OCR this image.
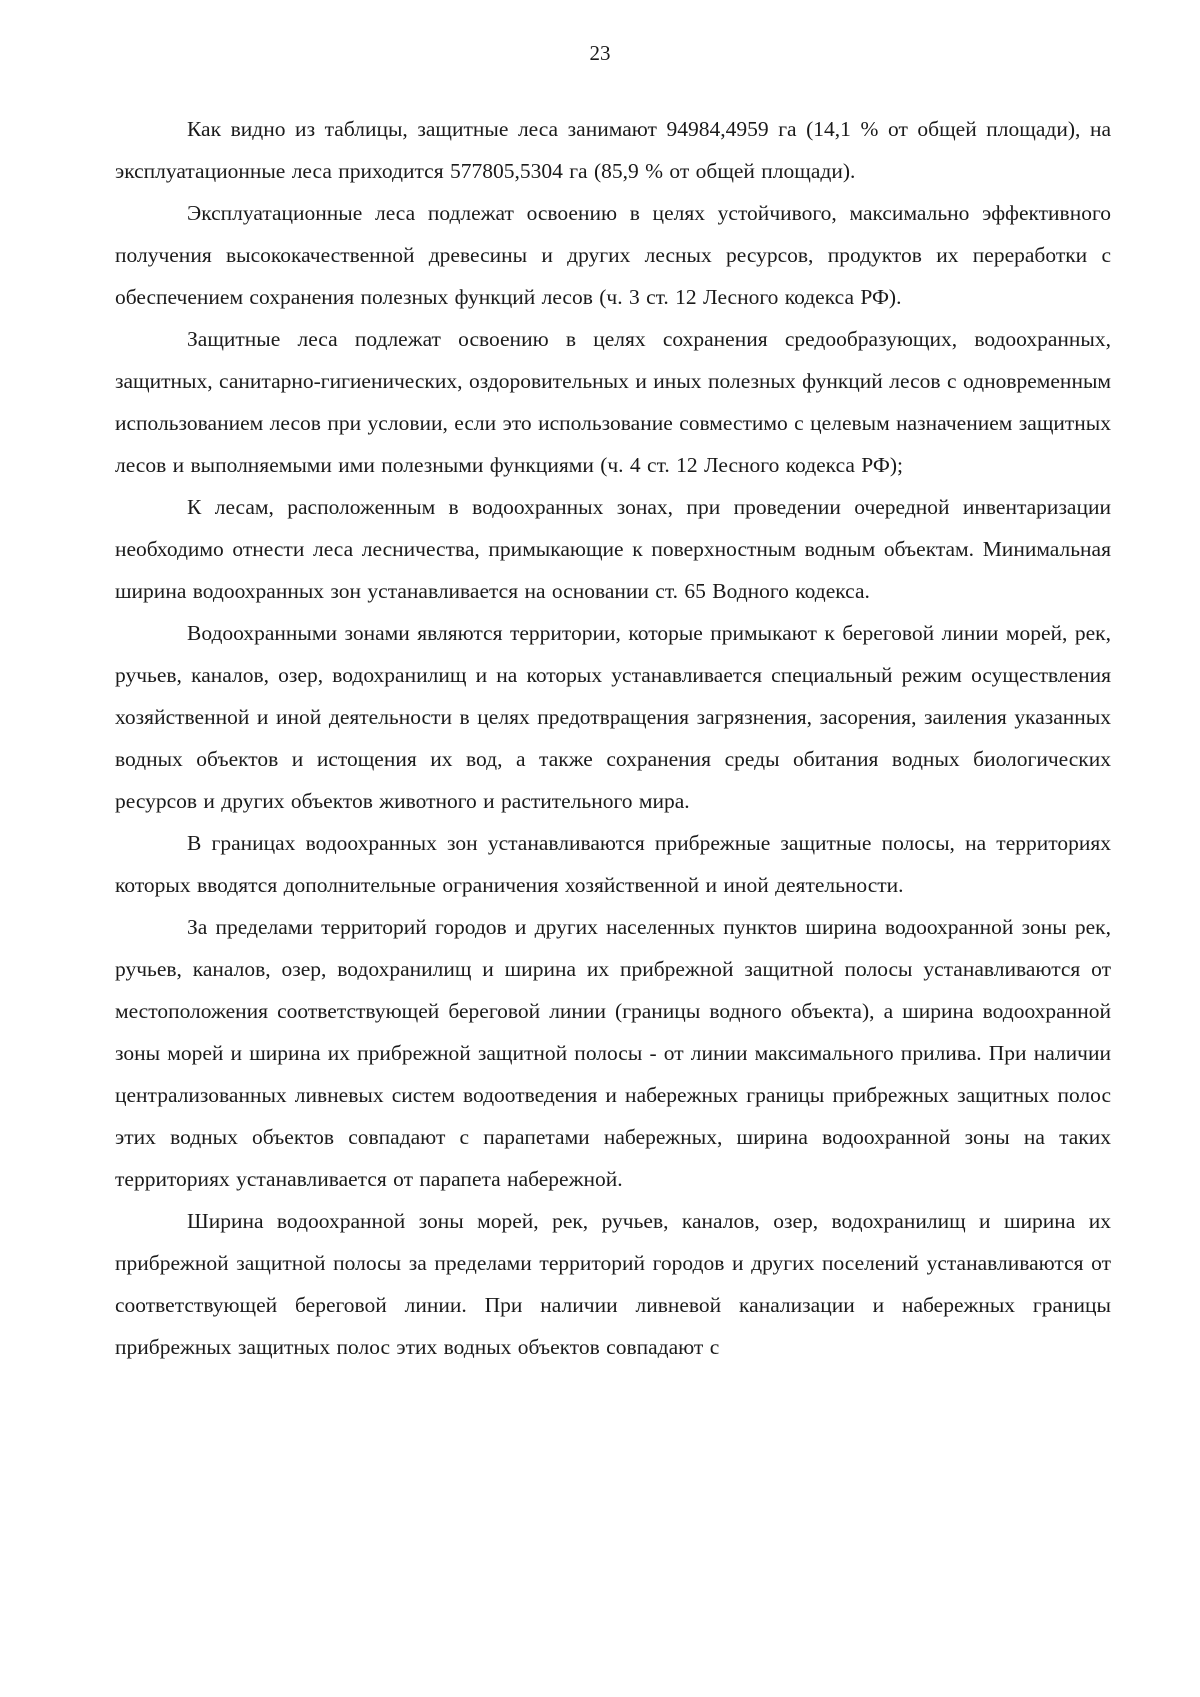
23

Как видно из таблицы, защитные леса занимают 94984,4959 га (14,1 % от общей площади), на эксплуатационные леса приходится 577805,5304 га (85,9 % от общей площади).

Эксплуатационные леса подлежат освоению в целях устойчивого, максимально эффективного получения высококачественной древесины и других лесных ресурсов, продуктов их переработки с обеспечением сохранения полезных функций лесов (ч. 3 ст. 12 Лесного кодекса РФ).

Защитные леса подлежат освоению в целях сохранения средообразующих, водоохранных, защитных, санитарно-гигиенических, оздоровительных и иных полезных функций лесов с одновременным использованием лесов при условии, если это использование совместимо с целевым назначением защитных лесов и выполняемыми ими полезными функциями (ч. 4 ст. 12 Лесного кодекса РФ);

К лесам, расположенным в водоохранных зонах, при проведении очередной инвентаризации необходимо отнести леса лесничества, примыкающие к поверхностным водным объектам. Минимальная ширина водоохранных зон устанавливается на основании ст. 65 Водного кодекса.

Водоохранными зонами являются территории, которые примыкают к береговой линии морей, рек, ручьев, каналов, озер, водохранилищ и на которых устанавливается специальный режим осуществления хозяйственной и иной деятельности в целях предотвращения загрязнения, засорения, заиления указанных водных объектов и истощения их вод, а также сохранения среды обитания водных биологических ресурсов и других объектов животного и растительного мира.

В границах водоохранных зон устанавливаются прибрежные защитные полосы, на территориях которых вводятся дополнительные ограничения хозяйственной и иной деятельности.

За пределами территорий городов и других населенных пунктов ширина водоохранной зоны рек, ручьев, каналов, озер, водохранилищ и ширина их прибрежной защитной полосы устанавливаются от местоположения соответствующей береговой линии (границы водного объекта), а ширина водоохранной зоны морей и ширина их прибрежной защитной полосы - от линии максимального прилива. При наличии централизованных ливневых систем водоотведения и набережных границы прибрежных защитных полос этих водных объектов совпадают с парапетами набережных, ширина водоохранной зоны на таких территориях устанавливается от парапета набережной.

Ширина водоохранной зоны морей, рек, ручьев, каналов, озер, водохранилищ и ширина их прибрежной защитной полосы за пределами территорий городов и других поселений устанавливаются от соответствующей береговой линии. При наличии ливневой канализации и набережных границы прибрежных защитных полос этих водных объектов совпадают с
